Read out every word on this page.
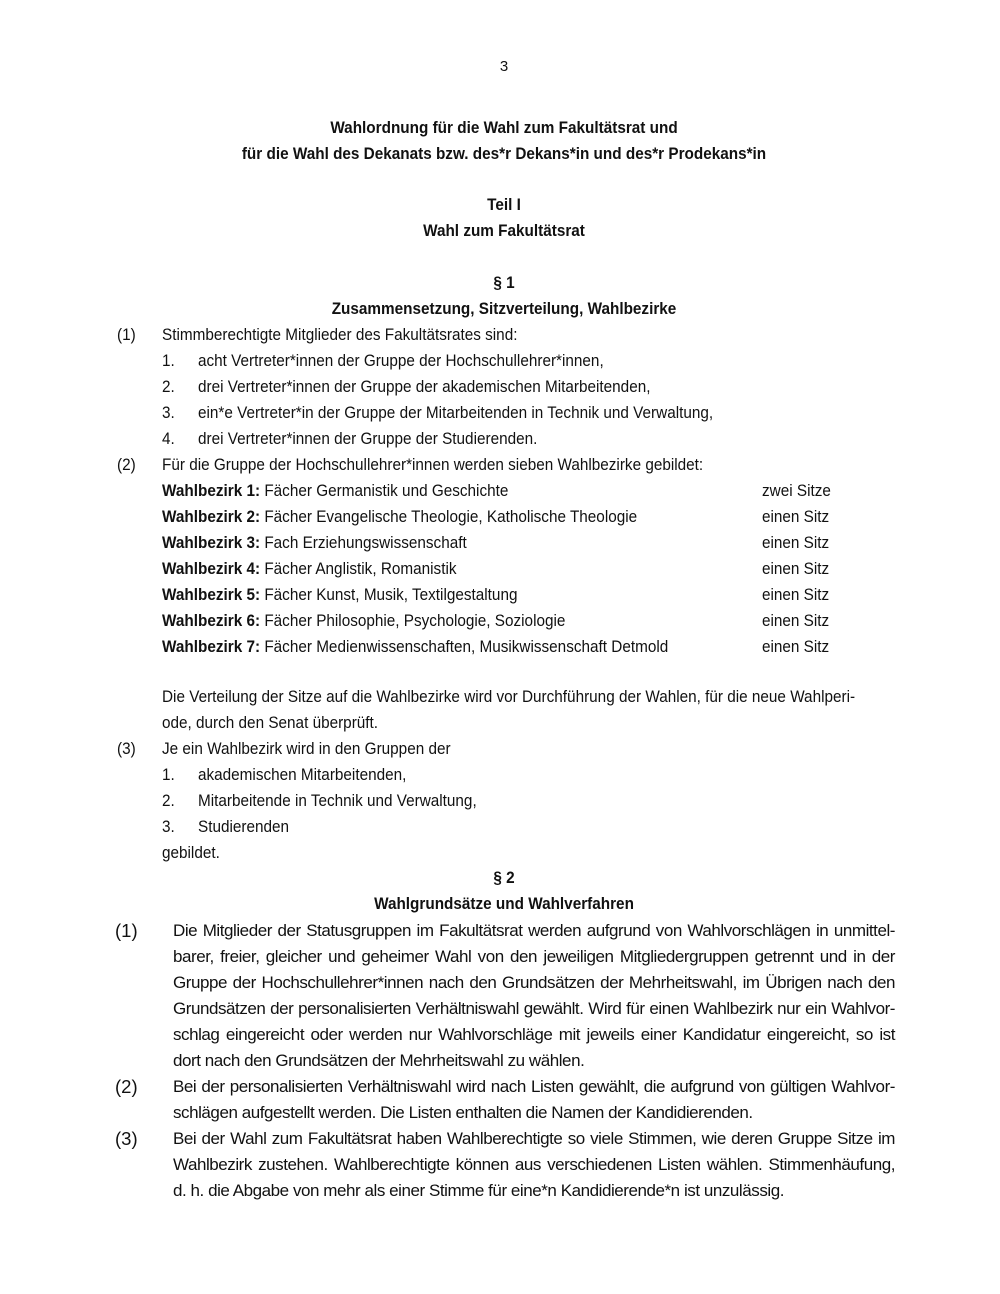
3
Wahlordnung für die Wahl zum Fakultätsrat und
für die Wahl des Dekanats bzw. des*r Dekans*in und des*r Prodekans*in
Teil I
Wahl zum Fakultätsrat
§ 1
Zusammensetzung, Sitzverteilung, Wahlbezirke
(1) Stimmberechtigte Mitglieder des Fakultätsrates sind:
1. acht Vertreter*innen der Gruppe der Hochschullehrer*innen,
2. drei Vertreter*innen der Gruppe der akademischen Mitarbeitenden,
3. ein*e Vertreter*in der Gruppe der Mitarbeitenden in Technik und Verwaltung,
4. drei Vertreter*innen der Gruppe der Studierenden.
(2) Für die Gruppe der Hochschullehrer*innen werden sieben Wahlbezirke gebildet:
Wahlbezirk 1: Fächer Germanistik und Geschichte	zwei Sitze
Wahlbezirk 2: Fächer Evangelische Theologie, Katholische Theologie	einen Sitz
Wahlbezirk 3: Fach Erziehungswissenschaft	einen Sitz
Wahlbezirk 4: Fächer Anglistik, Romanistik	einen Sitz
Wahlbezirk 5: Fächer Kunst, Musik, Textilgestaltung	einen Sitz
Wahlbezirk 6: Fächer Philosophie, Psychologie, Soziologie	einen Sitz
Wahlbezirk 7: Fächer Medienwissenschaften, Musikwissenschaft Detmold	einen Sitz
Die Verteilung der Sitze auf die Wahlbezirke wird vor Durchführung der Wahlen, für die neue Wahlperi-
ode, durch den Senat überprüft.
(3) Je ein Wahlbezirk wird in den Gruppen der
1. akademischen Mitarbeitenden,
2. Mitarbeitende in Technik und Verwaltung,
3. Studierenden
gebildet.
§ 2
Wahlgrundsätze und Wahlverfahren
(1) Die Mitglieder der Statusgruppen im Fakultätsrat werden aufgrund von Wahlvorschlägen in unmittel-
barer, freier, gleicher und geheimer Wahl von den jeweiligen Mitgliedergruppen getrennt und in der
Gruppe der Hochschullehrer*innen nach den Grundsätzen der Mehrheitswahl, im Übrigen nach den
Grundsätzen der personalisierten Verhältniswahl gewählt. Wird für einen Wahlbezirk nur ein Wahlvor-
schlag eingereicht oder werden nur Wahlvorschläge mit jeweils einer Kandidatur eingereicht, so ist
dort nach den Grundsätzen der Mehrheitswahl zu wählen.
(2) Bei der personalisierten Verhältniswahl wird nach Listen gewählt, die aufgrund von gültigen Wahlvor-
schlägen aufgestellt werden. Die Listen enthalten die Namen der Kandidierenden.
(3) Bei der Wahl zum Fakultätsrat haben Wahlberechtigte so viele Stimmen, wie deren Gruppe Sitze im
Wahlbezirk zustehen. Wahlberechtigte können aus verschiedenen Listen wählen. Stimmenhäufung,
d. h. die Abgabe von mehr als einer Stimme für eine*n Kandidierende*n ist unzulässig.
